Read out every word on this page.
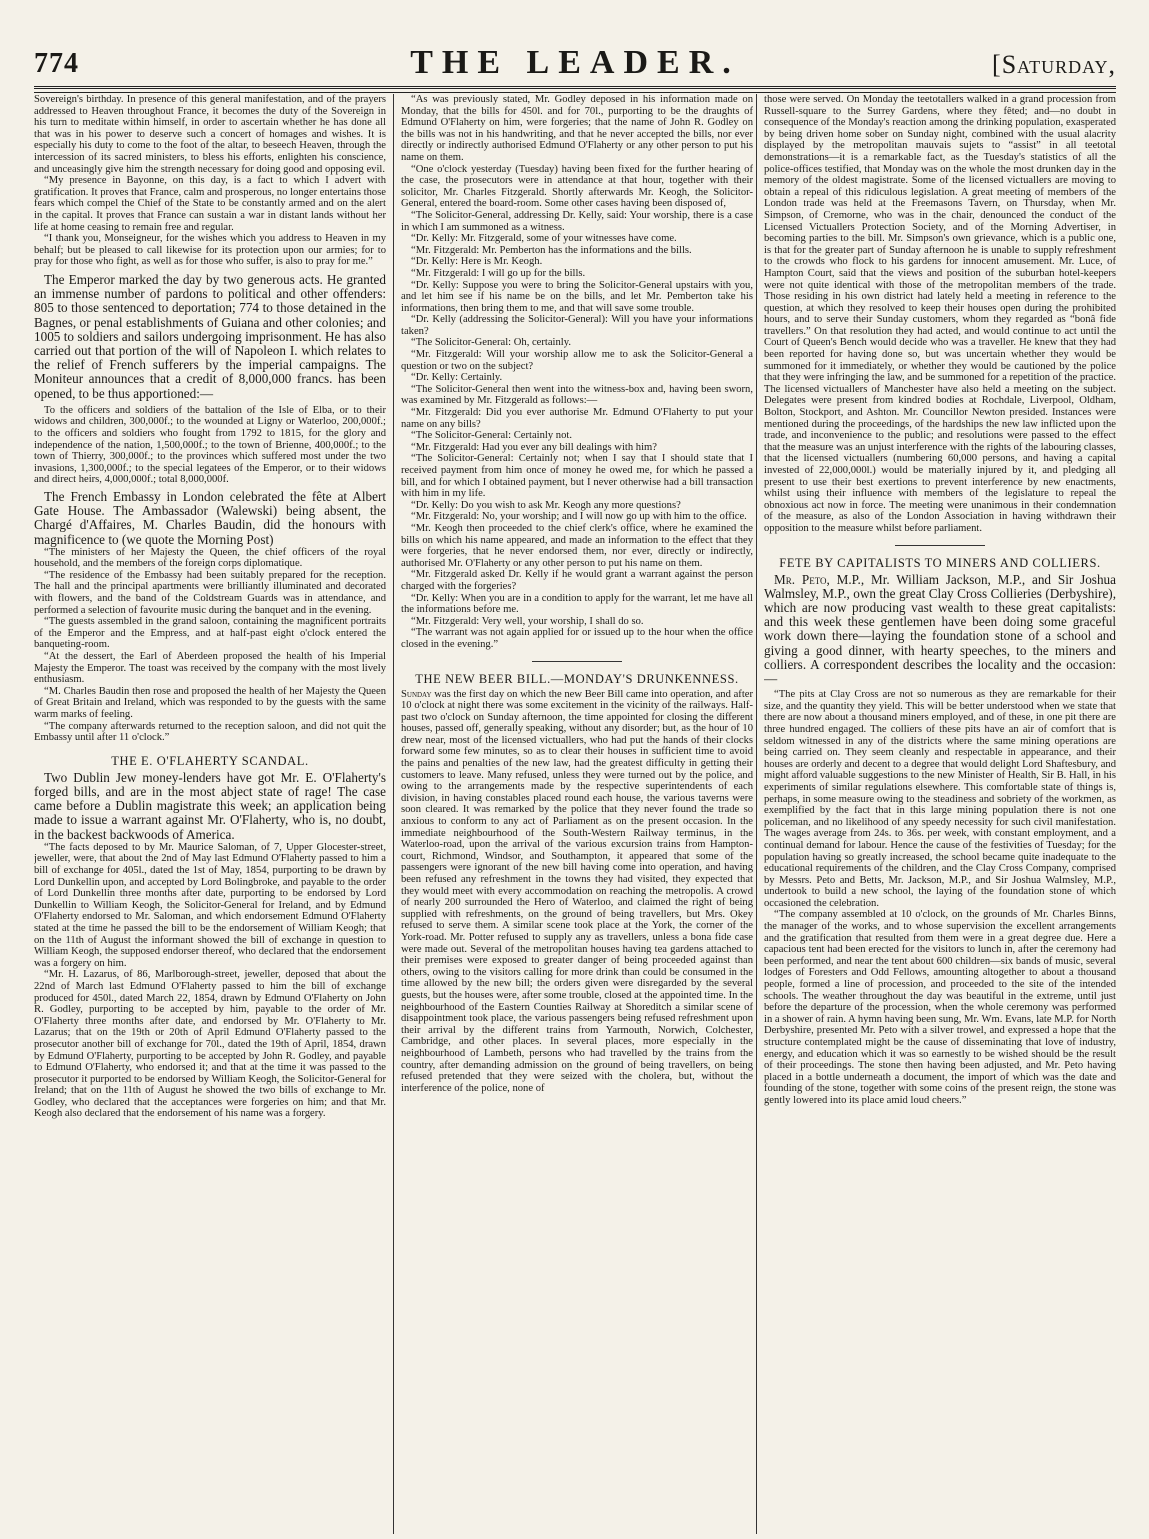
774	THE LEADER.	[Saturday,

Sovereign's birthday. In presence of this general manifestation, and of the prayers addressed to Heaven throughout France, it becomes the duty of the Sovereign in his turn to meditate within himself, in order to ascertain whether he has done all that was in his power to deserve such a concert of homages and wishes. It is especially his duty to come to the foot of the altar, to beseech Heaven, through the intercession of its sacred ministers, to bless his efforts, enlighten his conscience, and unceasingly give him the strength necessary for doing good and opposing evil.

“My presence in Bayonne, on this day, is a fact to which I advert with gratification. It proves that France, calm and prosperous, no longer entertains those fears which compel the Chief of the State to be constantly armed and on the alert in the capital. It proves that France can sustain a war in distant lands without her life at home ceasing to remain free and regular.

“I thank you, Monseigneur, for the wishes which you address to Heaven in my behalf; but be pleased to call likewise for its protection upon our armies; for to pray for those who fight, as well as for those who suffer, is also to pray for me.”

The Emperor marked the day by two generous acts. He granted an immense number of pardons to political and other offenders: 805 to those sentenced to deportation; 774 to those detained in the Bagnes, or penal establishments of Guiana and other colonies; and 1005 to soldiers and sailors undergoing imprisonment. He has also carried out that portion of the will of Napoleon I. which relates to the relief of French sufferers by the imperial campaigns. The Moniteur announces that a credit of 8,000,000 francs. has been opened, to be thus apportioned:—

To the officers and soldiers of the battalion of the Isle of Elba, or to their widows and children, 300,000f.; to the wounded at Ligny or Waterloo, 200,000f.; to the officers and soldiers who fought from 1792 to 1815, for the glory and independence of the nation, 1,500,000f.; to the town of Brienne, 400,000f.; to the town of Thierry, 300,000f.; to the provinces which suffered most under the two invasions, 1,300,000f.; to the special legatees of the Emperor, or to their widows and direct heirs, 4,000,000f.; total 8,000,000f.

The French Embassy in London celebrated the fête at Albert Gate House. The Ambassador (Walewski) being absent, the Chargé d'Affaires, M. Charles Baudin, did the honours with magnificence to (we quote the Morning Post)

“The ministers of her Majesty the Queen, the chief officers of the royal household, and the members of the foreign corps diplomatique.

“The residence of the Embassy had been suitably prepared for the reception. The hall and the principal apartments were brilliantly illuminated and decorated with flowers, and the band of the Coldstream Guards was in attendance, and performed a selection of favourite music during the banquet and in the evening.

“The guests assembled in the grand saloon, containing the magnificent portraits of the Emperor and the Empress, and at half-past eight o'clock entered the banqueting-room.

“At the dessert, the Earl of Aberdeen proposed the health of his Imperial Majesty the Emperor. The toast was received by the company with the most lively enthusiasm.

“M. Charles Baudin then rose and proposed the health of her Majesty the Queen of Great Britain and Ireland, which was responded to by the guests with the same warm marks of feeling.

“The company afterwards returned to the reception saloon, and did not quit the Embassy until after 11 o'clock.”

THE E. O'FLAHERTY SCANDAL.

Two Dublin Jew money-lenders have got Mr. E. O'Flaherty's forged bills, and are in the most abject state of rage! The case came before a Dublin magistrate this week; an application being made to issue a warrant against Mr. O'Flaherty, who is, no doubt, in the backest backwoods of America.

“The facts deposed to by Mr. Maurice Saloman, of 7, Upper Glocester-street, jeweller, were, that about the 2nd of May last Edmund O'Flaherty passed to him a bill of exchange for 405l., dated the 1st of May, 1854, purporting to be drawn by Lord Dunkellin upon, and accepted by Lord Bolingbroke, and payable to the order of Lord Dunkellin three months after date, purporting to be endorsed by Lord Dunkellin to William Keogh, the Solicitor-General for Ireland, and by Edmund O'Flaherty endorsed to Mr. Saloman, and which endorsement Edmund O'Flaherty stated at the time he passed the bill to be the endorsement of William Keogh; that on the 11th of August the informant showed the bill of exchange in question to William Keogh, the supposed endorser thereof, who declared that the endorsement was a forgery on him.

“Mr. H. Lazarus, of 86, Marlborough-street, jeweller, deposed that about the 22nd of March last Edmund O'Flaherty passed to him the bill of exchange produced for 450l., dated March 22, 1854, drawn by Edmund O'Flaherty on John R. Godley, purporting to be accepted by him, payable to the order of Mr. O'Flaherty three months after date, and endorsed by Mr. O'Flaherty to Mr. Lazarus; that on the 19th or 20th of April Edmund O'Flaherty passed to the prosecutor another bill of exchange for 70l., dated the 19th of April, 1854, drawn by Edmund O'Flaherty, purporting to be accepted by John R. Godley, and payable to Edmund O'Flaherty, who endorsed it; and that at the time it was passed to the prosecutor it purported to be endorsed by William Keogh, the Solicitor-General for Ireland; that on the 11th of August he showed the two bills of exchange to Mr. Godley, who declared that the acceptances were forgeries on him; and that Mr. Keogh also declared that the endorsement of his name was a forgery.

“As was previously stated, Mr. Godley deposed in his information made on Monday, that the bills for 450l. and for 70l., purporting to be the draughts of Edmund O'Flaherty on him, were forgeries; that the name of John R. Godley on the bills was not in his handwriting, and that he never accepted the bills, nor ever directly or indirectly authorised Edmund O'Flaherty or any other person to put his name on them.

“One o'clock yesterday (Tuesday) having been fixed for the further hearing of the case, the prosecutors were in attendance at that hour, together with their solicitor, Mr. Charles Fitzgerald. Shortly afterwards Mr. Keogh, the Solicitor-General, entered the board-room. Some other cases having been disposed of,

“The Solicitor-General, addressing Dr. Kelly, said: Your worship, there is a case in which I am summoned as a witness.

“Dr. Kelly: Mr. Fitzgerald, some of your witnesses have come.

“Mr. Fitzgerald: Mr. Pemberton has the informations and the bills.

“Dr. Kelly: Here is Mr. Keogh.

“Mr. Fitzgerald: I will go up for the bills.

“Dr. Kelly: Suppose you were to bring the Solicitor-General upstairs with you, and let him see if his name be on the bills, and let Mr. Pemberton take his informations, then bring them to me, and that will save some trouble.

“Dr. Kelly (addressing the Solicitor-General): Will you have your informations taken?

“The Solicitor-General: Oh, certainly.

“Mr. Fitzgerald: Will your worship allow me to ask the Solicitor-General a question or two on the subject?

“Dr. Kelly: Certainly.

“The Solicitor-General then went into the witness-box and, having been sworn, was examined by Mr. Fitzgerald as follows:—

“Mr. Fitzgerald: Did you ever authorise Mr. Edmund O'Flaherty to put your name on any bills?

“The Solicitor-General: Certainly not.

“Mr. Fitzgerald: Had you ever any bill dealings with him?

“The Solicitor-General: Certainly not; when I say that I should state that I received payment from him once of money he owed me, for which he passed a bill, and for which I obtained payment, but I never otherwise had a bill transaction with him in my life.

“Dr. Kelly: Do you wish to ask Mr. Keogh any more questions?

“Mr. Fitzgerald: No, your worship; and I will now go up with him to the office.

“Mr. Keogh then proceeded to the chief clerk's office, where he examined the bills on which his name appeared, and made an information to the effect that they were forgeries, that he never endorsed them, nor ever, directly or indirectly, authorised Mr. O'Flaherty or any other person to put his name on them.

“Mr. Fitzgerald asked Dr. Kelly if he would grant a warrant against the person charged with the forgeries?

“Dr. Kelly: When you are in a condition to apply for the warrant, let me have all the informations before me.

“Mr. Fitzgerald: Very well, your worship, I shall do so.

“The warrant was not again applied for or issued up to the hour when the office closed in the evening.”

THE NEW BEER BILL.—MONDAY'S DRUNKENNESS.

Sunday was the first day on which the new Beer Bill came into operation, and after 10 o'clock at night there was some excitement in the vicinity of the railways. Half-past two o'clock on Sunday afternoon, the time appointed for closing the different houses, passed off, generally speaking, without any disorder; but, as the hour of 10 drew near, most of the licensed victuallers, who had put the hands of their clocks forward some few minutes, so as to clear their houses in sufficient time to avoid the pains and penalties of the new law, had the greatest difficulty in getting their customers to leave. Many refused, unless they were turned out by the police, and owing to the arrangements made by the respective superintendents of each division, in having constables placed round each house, the various taverns were soon cleared. It was remarked by the police that they never found the trade so anxious to conform to any act of Parliament as on the present occasion. In the immediate neighbourhood of the South-Western Railway terminus, in the Waterloo-road, upon the arrival of the various excursion trains from Hampton-court, Richmond, Windsor, and Southampton, it appeared that some of the passengers were ignorant of the new bill having come into operation, and having been refused any refreshment in the towns they had visited, they expected that they would meet with every accommodation on reaching the metropolis. A crowd of nearly 200 surrounded the Hero of Waterloo, and claimed the right of being supplied with refreshments, on the ground of being travellers, but Mrs. Okey refused to serve them. A similar scene took place at the York, the corner of the York-road. Mr. Potter refused to supply any as travellers, unless a bona fide case were made out. Several of the metropolitan houses having tea gardens attached to their premises were exposed to greater danger of being proceeded against than others, owing to the visitors calling for more drink than could be consumed in the time allowed by the new bill; the orders given were disregarded by the several guests, but the houses were, after some trouble, closed at the appointed time. In the neighbourhood of the Eastern Counties Railway at Shoreditch a similar scene of disappointment took place, the various passengers being refused refreshment upon their arrival by the different trains from Yarmouth, Norwich, Colchester, Cambridge, and other places. In several places, more especially in the neighbourhood of Lambeth, persons who had travelled by the trains from the country, after demanding admission on the ground of being travellers, on being refused pretended that they were seized with the cholera, but, without the interference of the police, none of

those were served. On Monday the teetotallers walked in a grand procession from Russell-square to the Surrey Gardens, where they fêted; and—no doubt in consequence of the Monday's reaction among the drinking population, exasperated by being driven home sober on Sunday night, combined with the usual alacrity displayed by the metropolitan mauvais sujets to “assist” in all teetotal demonstrations—it is a remarkable fact, as the Tuesday's statistics of all the police-offices testified, that Monday was on the whole the most drunken day in the memory of the oldest magistrate. Some of the licensed victuallers are moving to obtain a repeal of this ridiculous legislation. A great meeting of members of the London trade was held at the Freemasons Tavern, on Thursday, when Mr. Simpson, of Cremorne, who was in the chair, denounced the conduct of the Licensed Victuallers Protection Society, and of the Morning Advertiser, in becoming parties to the bill. Mr. Simpson's own grievance, which is a public one, is that for the greater part of Sunday afternoon he is unable to supply refreshment to the crowds who flock to his gardens for innocent amusement. Mr. Luce, of Hampton Court, said that the views and position of the suburban hotel-keepers were not quite identical with those of the metropolitan members of the trade. Those residing in his own district had lately held a meeting in reference to the question, at which they resolved to keep their houses open during the prohibited hours, and to serve their Sunday customers, whom they regarded as “bonâ fide travellers.” On that resolution they had acted, and would continue to act until the Court of Queen's Bench would decide who was a traveller. He knew that they had been reported for having done so, but was uncertain whether they would be summoned for it immediately, or whether they would be cautioned by the police that they were infringing the law, and be summoned for a repetition of the practice. The licensed victuallers of Manchester have also held a meeting on the subject. Delegates were present from kindred bodies at Rochdale, Liverpool, Oldham, Bolton, Stockport, and Ashton. Mr. Councillor Newton presided. Instances were mentioned during the proceedings, of the hardships the new law inflicted upon the trade, and inconvenience to the public; and resolutions were passed to the effect that the measure was an unjust interference with the rights of the labouring classes, that the licensed victuallers (numbering 60,000 persons, and having a capital invested of 22,000,000l.) would be materially injured by it, and pledging all present to use their best exertions to prevent interference by new enactments, whilst using their influence with members of the legislature to repeal the obnoxious act now in force. The meeting were unanimous in their condemnation of the measure, as also of the London Association in having withdrawn their opposition to the measure whilst before parliament.

FETE BY CAPITALISTS TO MINERS AND COLLIERS.

Mr. Peto, M.P., Mr. William Jackson, M.P., and Sir Joshua Walmsley, M.P., own the great Clay Cross Collieries (Derbyshire), which are now producing vast wealth to these great capitalists: and this week these gentlemen have been doing some graceful work down there—laying the foundation stone of a school and giving a good dinner, with hearty speeches, to the miners and colliers. A correspondent describes the locality and the occasion:—

“The pits at Clay Cross are not so numerous as they are remarkable for their size, and the quantity they yield. This will be better understood when we state that there are now about a thousand miners employed, and of these, in one pit there are three hundred engaged. The colliers of these pits have an air of comfort that is seldom witnessed in any of the districts where the same mining operations are being carried on. They seem cleanly and respectable in appearance, and their houses are orderly and decent to a degree that would delight Lord Shaftesbury, and might afford valuable suggestions to the new Minister of Health, Sir B. Hall, in his experiments of similar regulations elsewhere. This comfortable state of things is, perhaps, in some measure owing to the steadiness and sobriety of the workmen, as exemplified by the fact that in this large mining population there is not one policeman, and no likelihood of any speedy necessity for such civil manifestation. The wages average from 24s. to 36s. per week, with constant employment, and a continual demand for labour. Hence the cause of the festivities of Tuesday; for the population having so greatly increased, the school became quite inadequate to the educational requirements of the children, and the Clay Cross Company, comprised by Messrs. Peto and Betts, Mr. Jackson, M.P., and Sir Joshua Walmsley, M.P., undertook to build a new school, the laying of the foundation stone of which occasioned the celebration.

“The company assembled at 10 o'clock, on the grounds of Mr. Charles Binns, the manager of the works, and to whose supervision the excellent arrangements and the gratification that resulted from them were in a great degree due. Here a capacious tent had been erected for the visitors to lunch in, after the ceremony had been performed, and near the tent about 600 children—six bands of music, several lodges of Foresters and Odd Fellows, amounting altogether to about a thousand people, formed a line of procession, and proceeded to the site of the intended schools. The weather throughout the day was beautiful in the extreme, until just before the departure of the procession, when the whole ceremony was performed in a shower of rain. A hymn having been sung, Mr. Wm. Evans, late M.P. for North Derbyshire, presented Mr. Peto with a silver trowel, and expressed a hope that the structure contemplated might be the cause of disseminating that love of industry, energy, and education which it was so earnestly to be wished should be the result of their proceedings. The stone then having been adjusted, and Mr. Peto having placed in a bottle underneath a document, the import of which was the date and founding of the stone, together with some coins of the present reign, the stone was gently lowered into its place amid loud cheers.”
